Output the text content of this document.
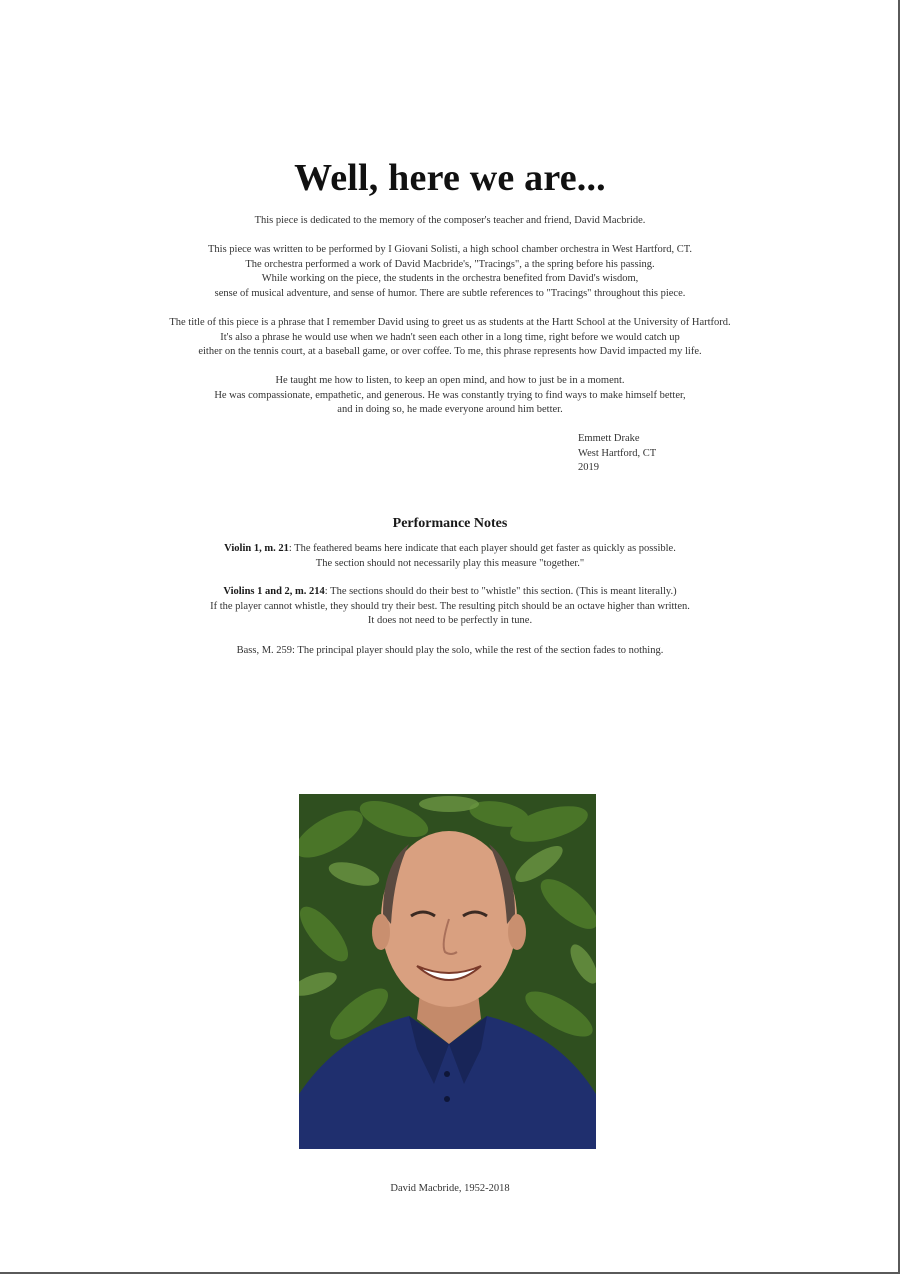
Well, here we are...
This piece is dedicated to the memory of the composer's teacher and friend, David Macbride.
This piece was written to be performed by I Giovani Solisti, a high school chamber orchestra in West Hartford, CT.
The orchestra performed a work of David Macbride's, "Tracings", a the spring before his passing.
While working on the piece, the students in the orchestra benefited from David's wisdom,
sense of musical adventure, and sense of humor. There are subtle references to "Tracings" throughout this piece.
The title of this piece is a phrase that I remember David using to greet us as students at the Hartt School at the University of Hartford.
It's also a phrase he would use when we hadn't seen each other in a long time, right before we would catch up
either on the tennis court, at a baseball game, or over coffee. To me, this phrase represents how David impacted my life.
He taught me how to listen, to keep an open mind, and how to just be in a moment.
He was compassionate, empathetic, and generous. He was constantly trying to find ways to make himself better,
and in doing so, he made everyone around him better.
Emmett Drake
West Hartford, CT
2019
Performance Notes
Violin 1, m. 21: The feathered beams here indicate that each player should get faster as quickly as possible.
The section should not necessarily play this measure "together."
Violins 1 and 2, m. 214: The sections should do their best to "whistle" this section. (This is meant literally.)
If the player cannot whistle, they should try their best. The resulting pitch should be an octave higher than written.
It does not need to be perfectly in tune.
Bass, M. 259: The principal player should play the solo, while the rest of the section fades to nothing.
David Macbride, 1952-2018
